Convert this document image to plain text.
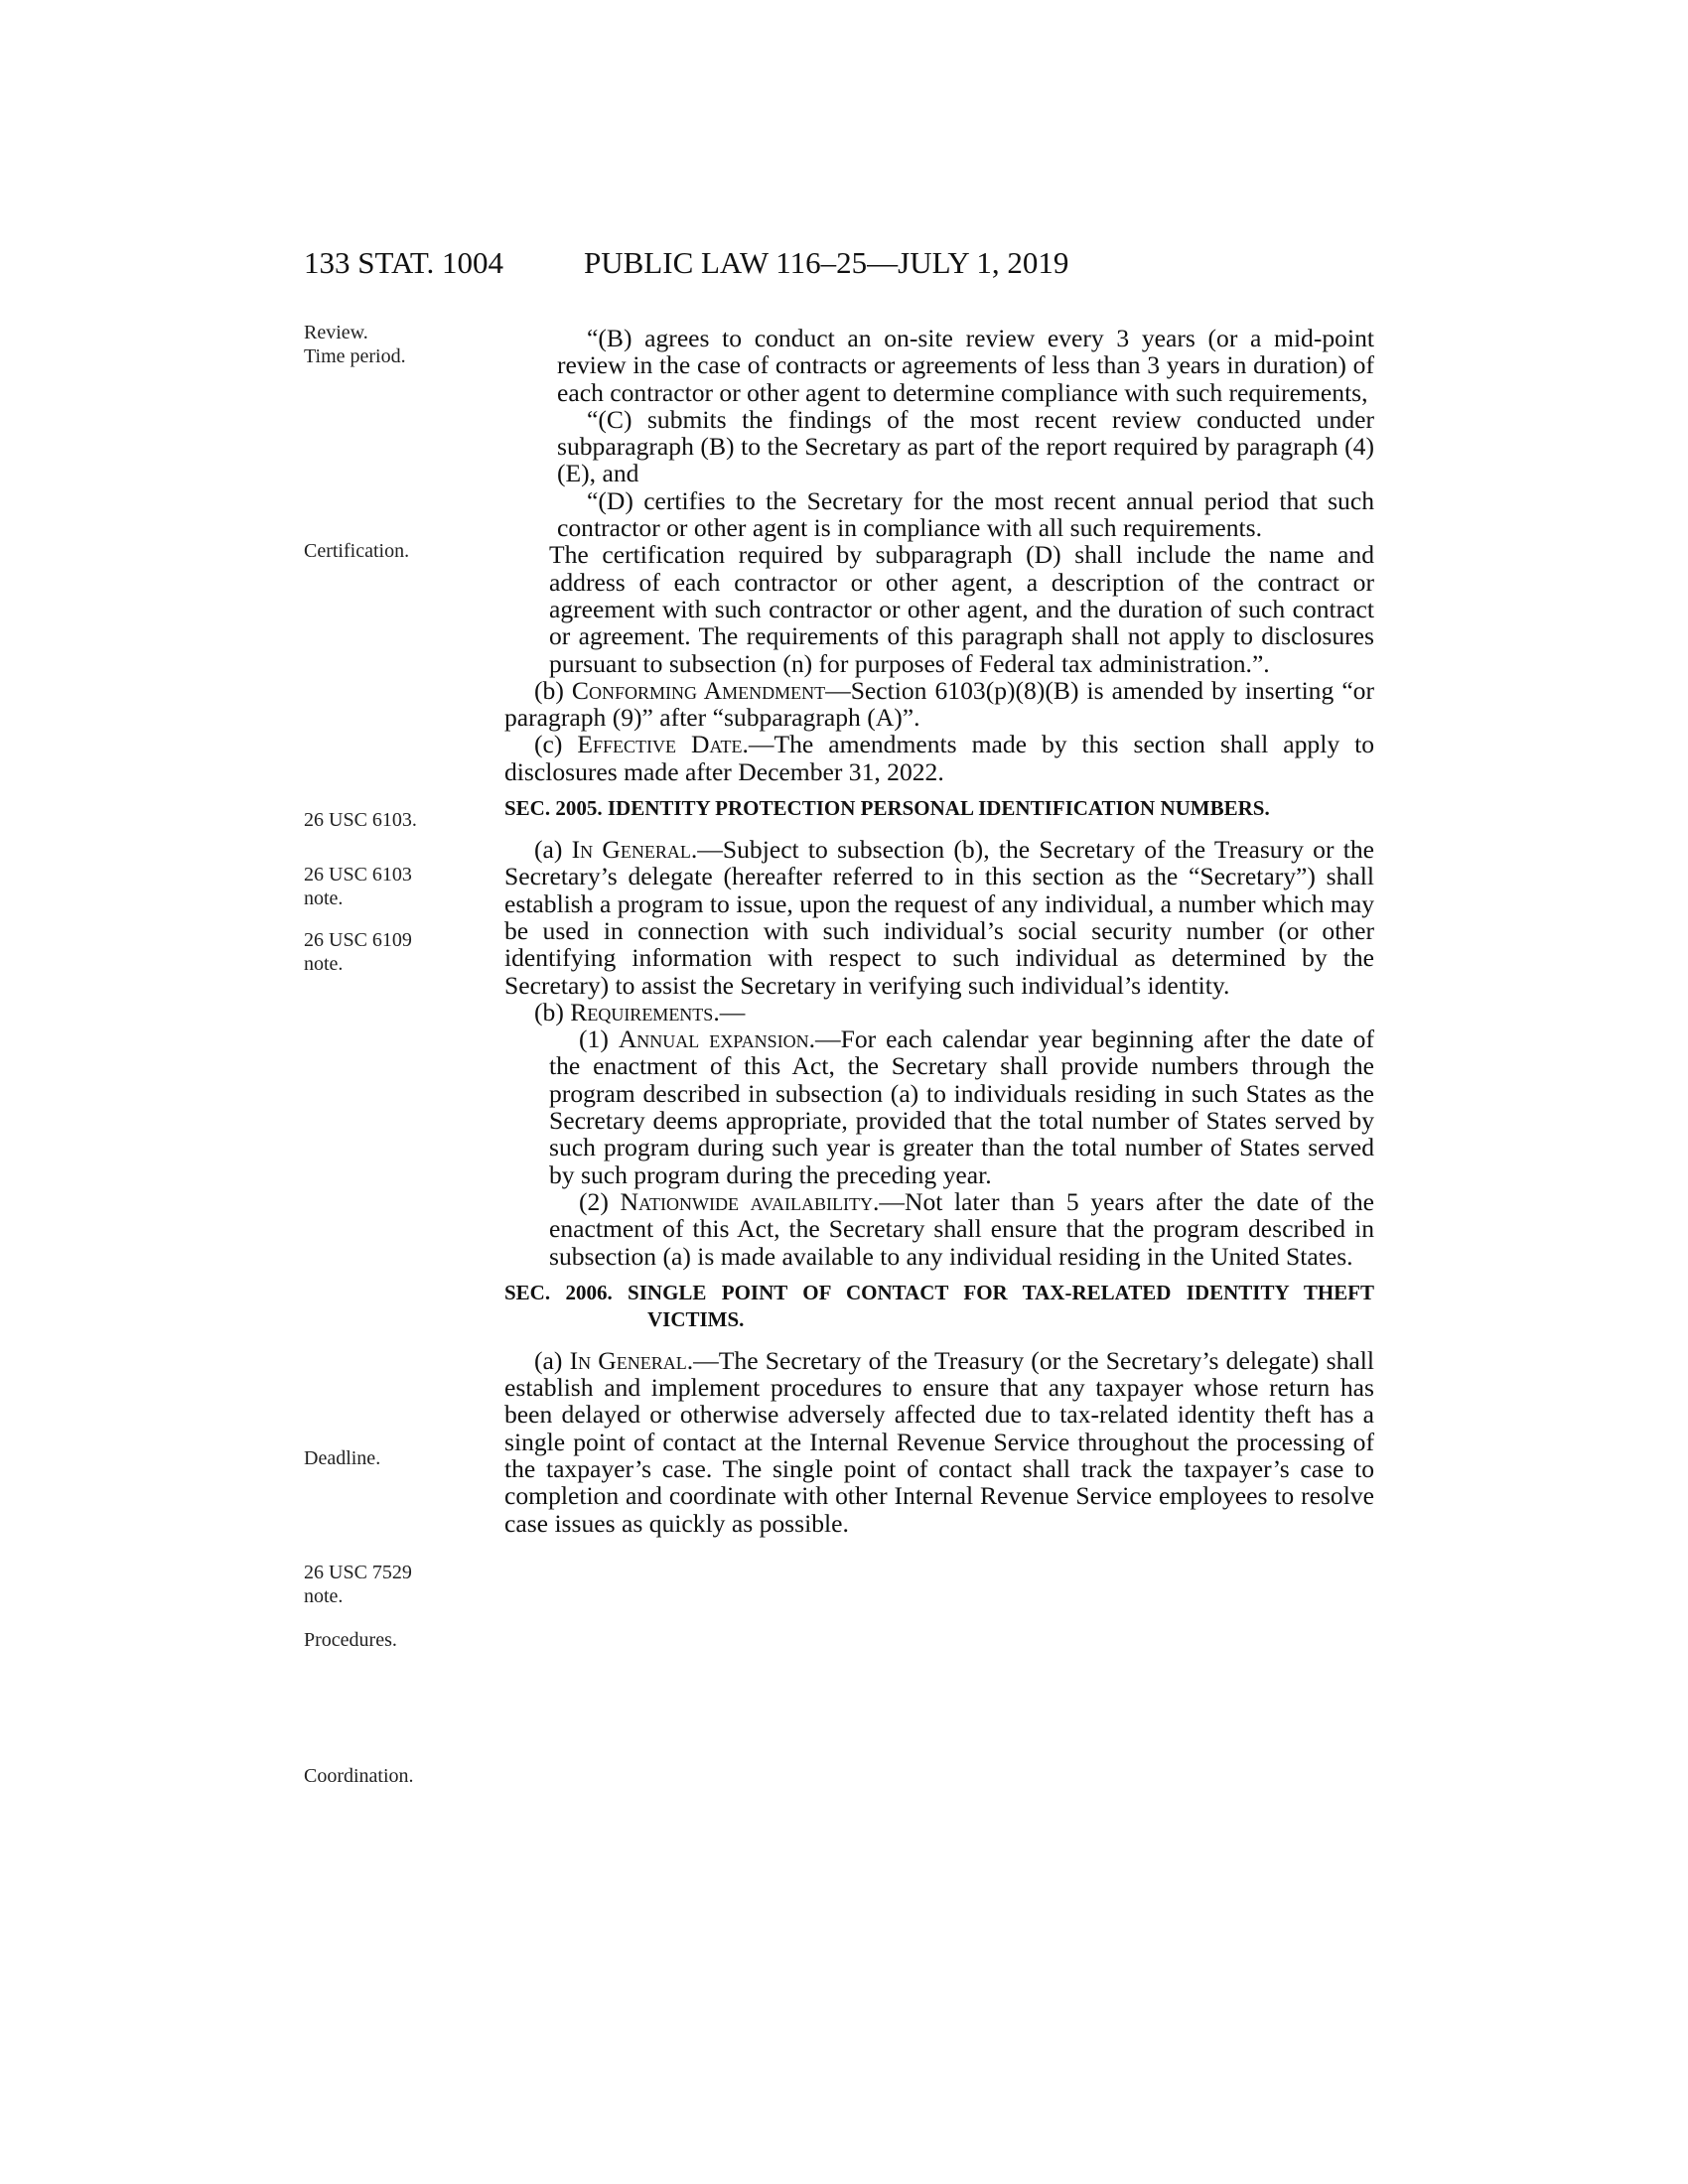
133 STAT. 1004	PUBLIC LAW 116–25—JULY 1, 2019
Review.
Time period.
Certification.
26 USC 6103.
26 USC 6103 note.
26 USC 6109 note.
Deadline.
26 USC 7529 note.
Procedures.
Coordination.

“(B) agrees to conduct an on-site review every 3 years (or a mid-point review in the case of contracts or agreements of less than 3 years in duration) of each contractor or other agent to determine compliance with such requirements,

“(C) submits the findings of the most recent review conducted under subparagraph (B) to the Secretary as part of the report required by paragraph (4)(E), and

“(D) certifies to the Secretary for the most recent annual period that such contractor or other agent is in compliance with all such requirements.

The certification required by subparagraph (D) shall include the name and address of each contractor or other agent, a description of the contract or agreement with such contractor or other agent, and the duration of such contract or agreement. The requirements of this paragraph shall not apply to disclosures pursuant to subsection (n) for purposes of Federal tax administration.”.

(b) Conforming Amendment—Section 6103(p)(8)(B) is amended by inserting “or paragraph (9)” after “subparagraph (A)”.

(c) Effective Date.—The amendments made by this section shall apply to disclosures made after December 31, 2022.

SEC. 2005. IDENTITY PROTECTION PERSONAL IDENTIFICATION NUMBERS.

(a) In General.—Subject to subsection (b), the Secretary of the Treasury or the Secretary’s delegate (hereafter referred to in this section as the “Secretary”) shall establish a program to issue, upon the request of any individual, a number which may be used in connection with such individual’s social security number (or other identifying information with respect to such individual as determined by the Secretary) to assist the Secretary in verifying such individual’s identity.

(b) Requirements.—

(1) Annual expansion.—For each calendar year beginning after the date of the enactment of this Act, the Secretary shall provide numbers through the program described in subsection (a) to individuals residing in such States as the Secretary deems appropriate, provided that the total number of States served by such program during such year is greater than the total number of States served by such program during the preceding year.

(2) Nationwide availability.—Not later than 5 years after the date of the enactment of this Act, the Secretary shall ensure that the program described in subsection (a) is made available to any individual residing in the United States.

SEC. 2006. SINGLE POINT OF CONTACT FOR TAX-RELATED IDENTITY THEFT VICTIMS.

(a) In General.—The Secretary of the Treasury (or the Secretary’s delegate) shall establish and implement procedures to ensure that any taxpayer whose return has been delayed or otherwise adversely affected due to tax-related identity theft has a single point of contact at the Internal Revenue Service throughout the processing of the taxpayer’s case. The single point of contact shall track the taxpayer’s case to completion and coordinate with other Internal Revenue Service employees to resolve case issues as quickly as possible.
